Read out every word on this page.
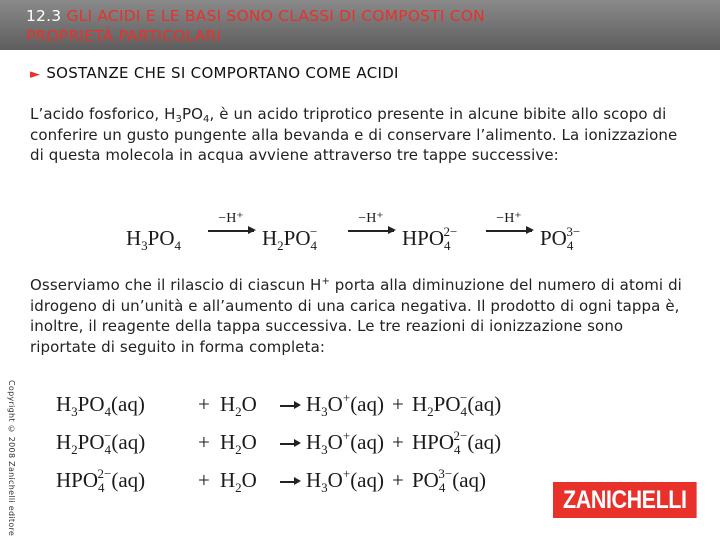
12.3 GLI ACIDI E LE BASI SONO CLASSI DI COMPOSTI CON
PROPRIETÀ PARTICOLARI
► SOSTANZE CHE SI COMPORTANO COME ACIDI
L’acido fosforico, $H_3PO_4$, è un acido triprotico presente in alcune bibite allo scopo di conferire un gusto pungente alla bevanda e di conservare l’alimento. La ionizzazione di questa molecola in acqua avviene attraverso tre tappe successive:
$H_3PO_4$
−H⁺
$H_2PO_4^-$
−H⁺
$HPO_4^{2-}$
−H⁺
$PO_4^{3-}$
Osserviamo che il rilascio di ciascun H+ porta alla diminuzione del numero di atomi di idrogeno di un’unità e all’aumento di una carica negativa. Il prodotto di ogni tappa è, inoltre, il reagente della tappa successiva. Le tre reazioni di ionizzazione sono riportate di seguito in forma completa:
$H_3PO_4(aq)$	+ $H_2O \to H_3O^+(aq) + H_2PO_4^-(aq)$
$H_2PO_4^-(aq)$	+ $H_2O \to H_3O^+(aq) + HPO_4^{2-}(aq)$
$HPO_4^{2-}(aq)$	+ $H_2O \to H_3O^+(aq) + PO_4^{3-}(aq)$
Copyright © 2008 Zanichelli editore	ZANICHELLI
